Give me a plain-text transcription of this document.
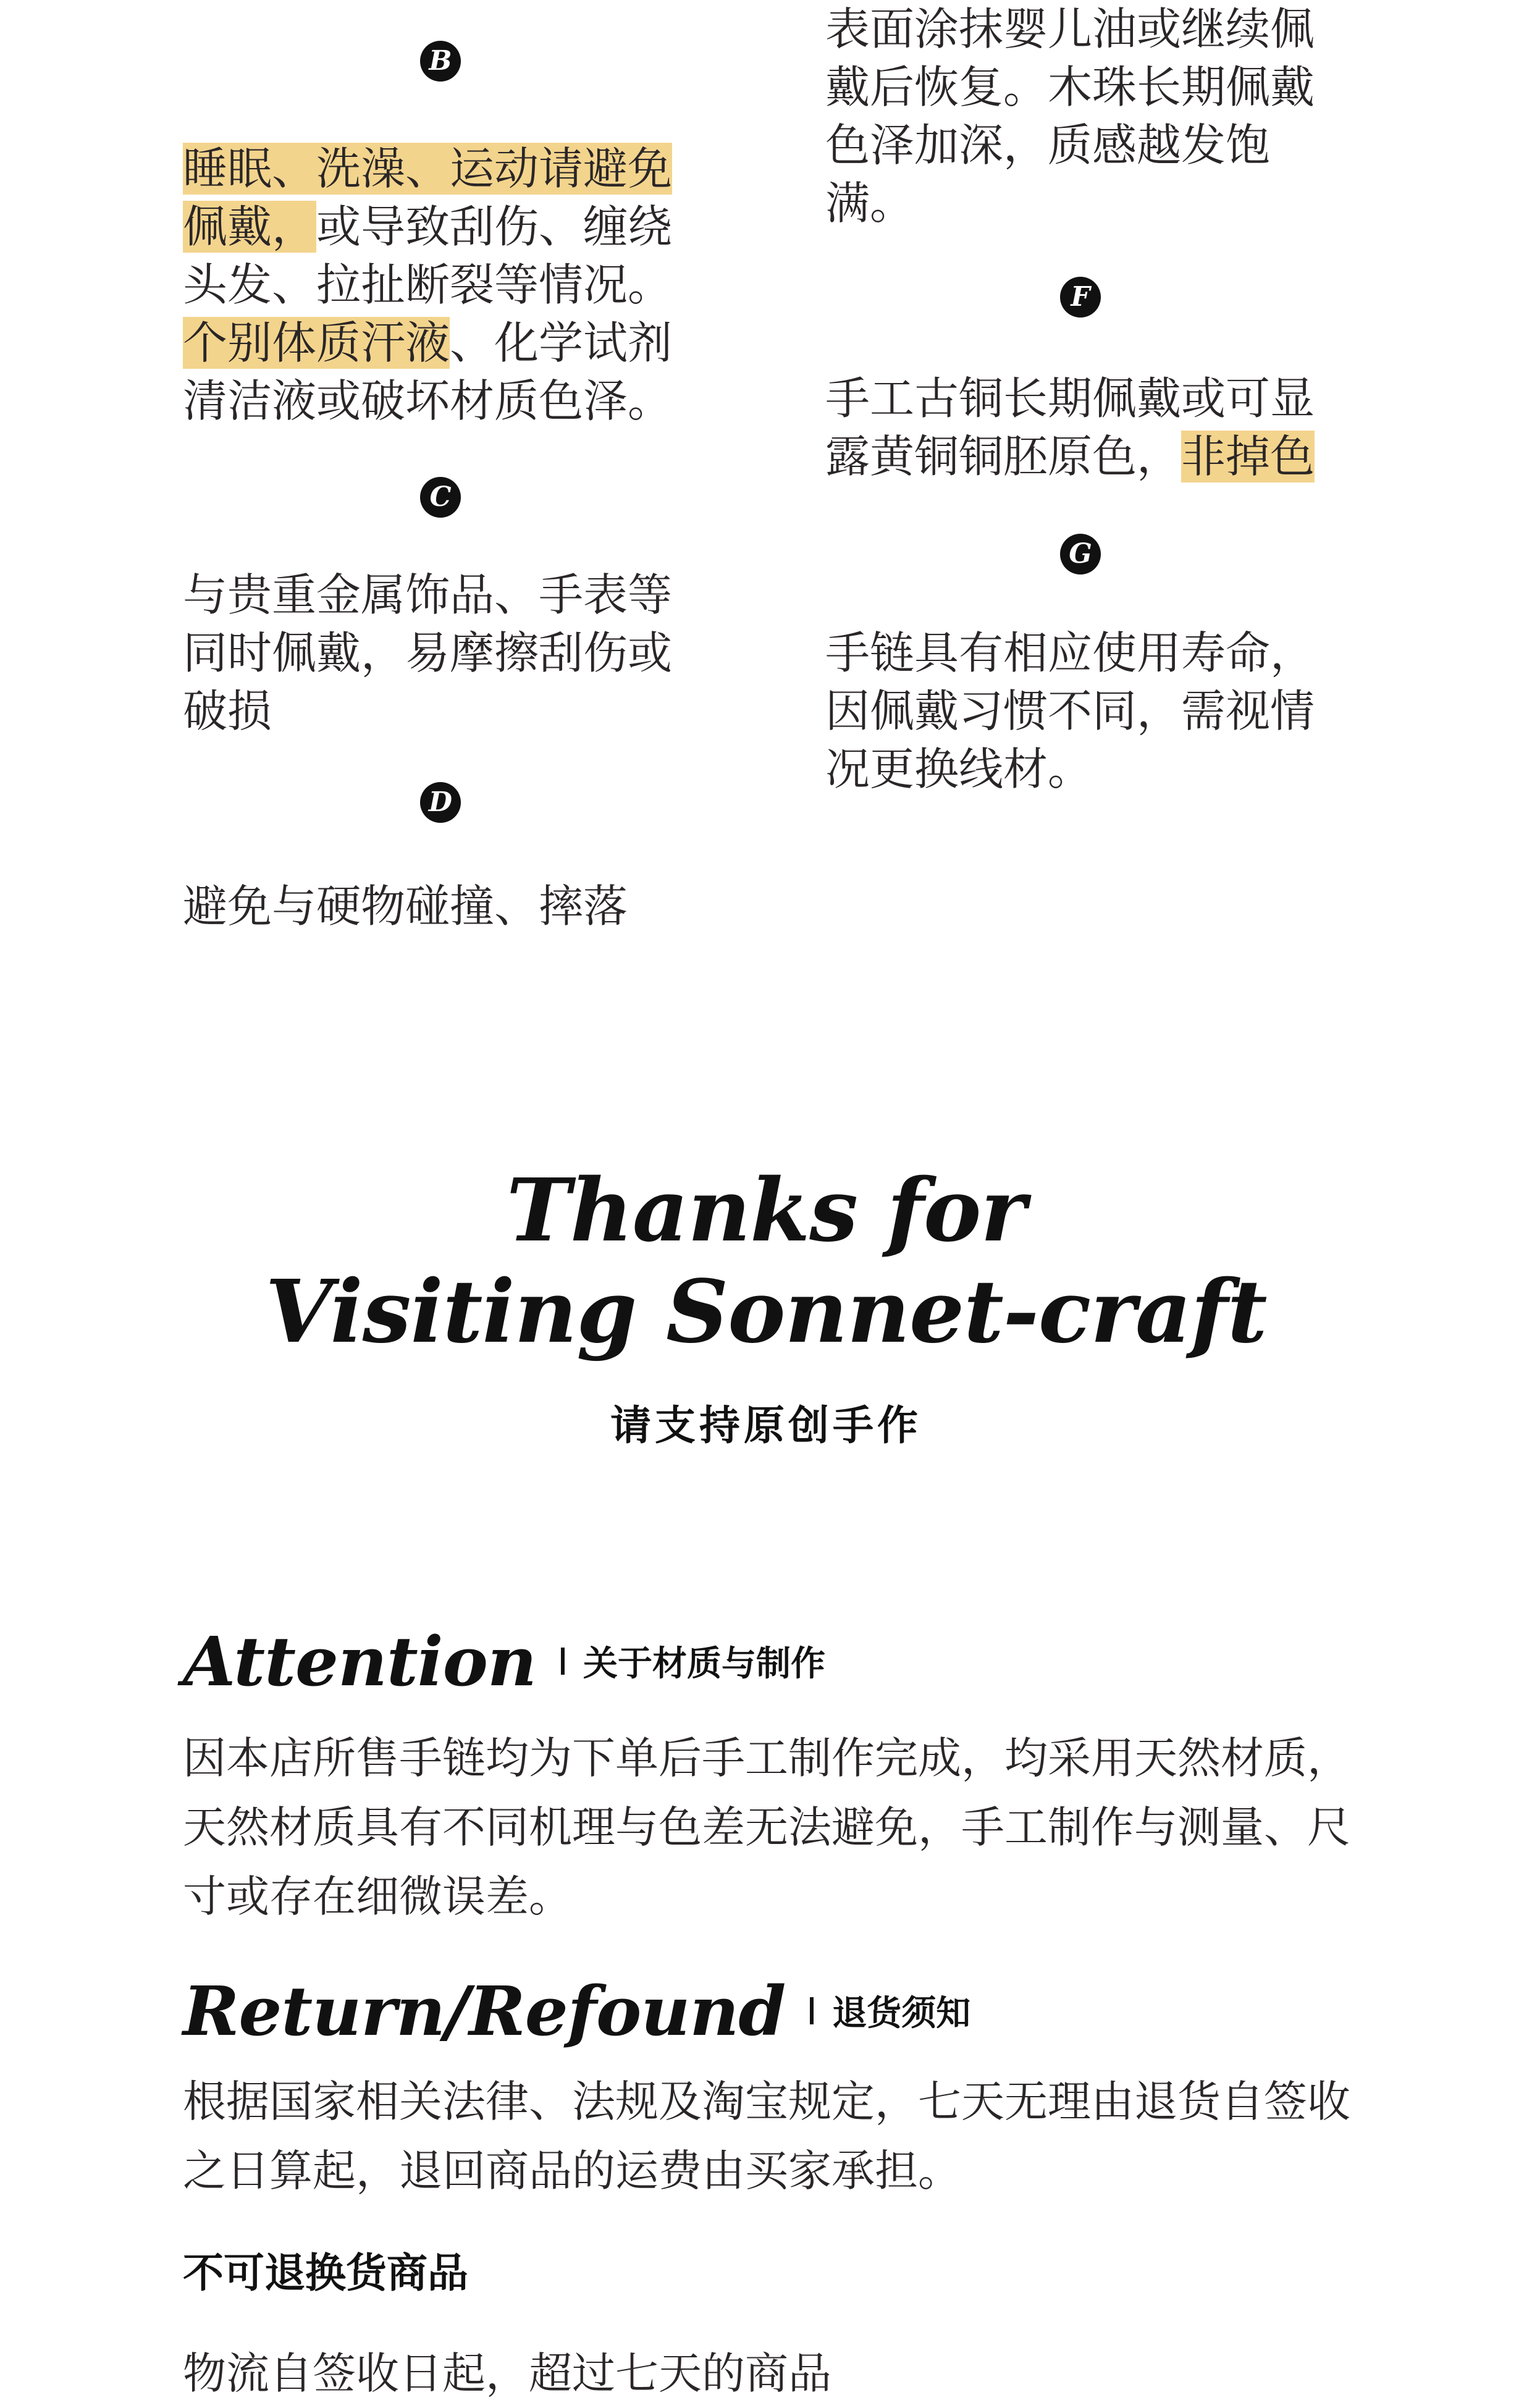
B
睡眠、洗澡、运动请避免佩戴，或导致刮伤、缠绕头发、拉扯断裂等情况。个别体质汗液、化学试剂清洁液或破坏材质色泽。
C
与贵重金属饰品、手表等同时佩戴，易摩擦刮伤或破损
D
避免与硬物碰撞、摔落
表面涂抹婴儿油或继续佩戴后恢复。木珠长期佩戴色泽加深，质感越发饱满。
F
手工古铜长期佩戴或可显露黄铜铜胚原色，非掉色
G
手链具有相应使用寿命，因佩戴习惯不同，需视情况更换线材。
Thanks for
Visiting Sonnet-craft
请支持原创手作
Attention 关于材质与制作
因本店所售手链均为下单后手工制作完成，均采用天然材质，天然材质具有不同机理与色差无法避免，手工制作与测量、尺寸或存在细微误差。
Return/Refound 退货须知
根据国家相关法律、法规及淘宝规定，七天无理由退货自签收之日算起，退回商品的运费由买家承担。
不可退换货商品
物流自签收日起，超过七天的商品
